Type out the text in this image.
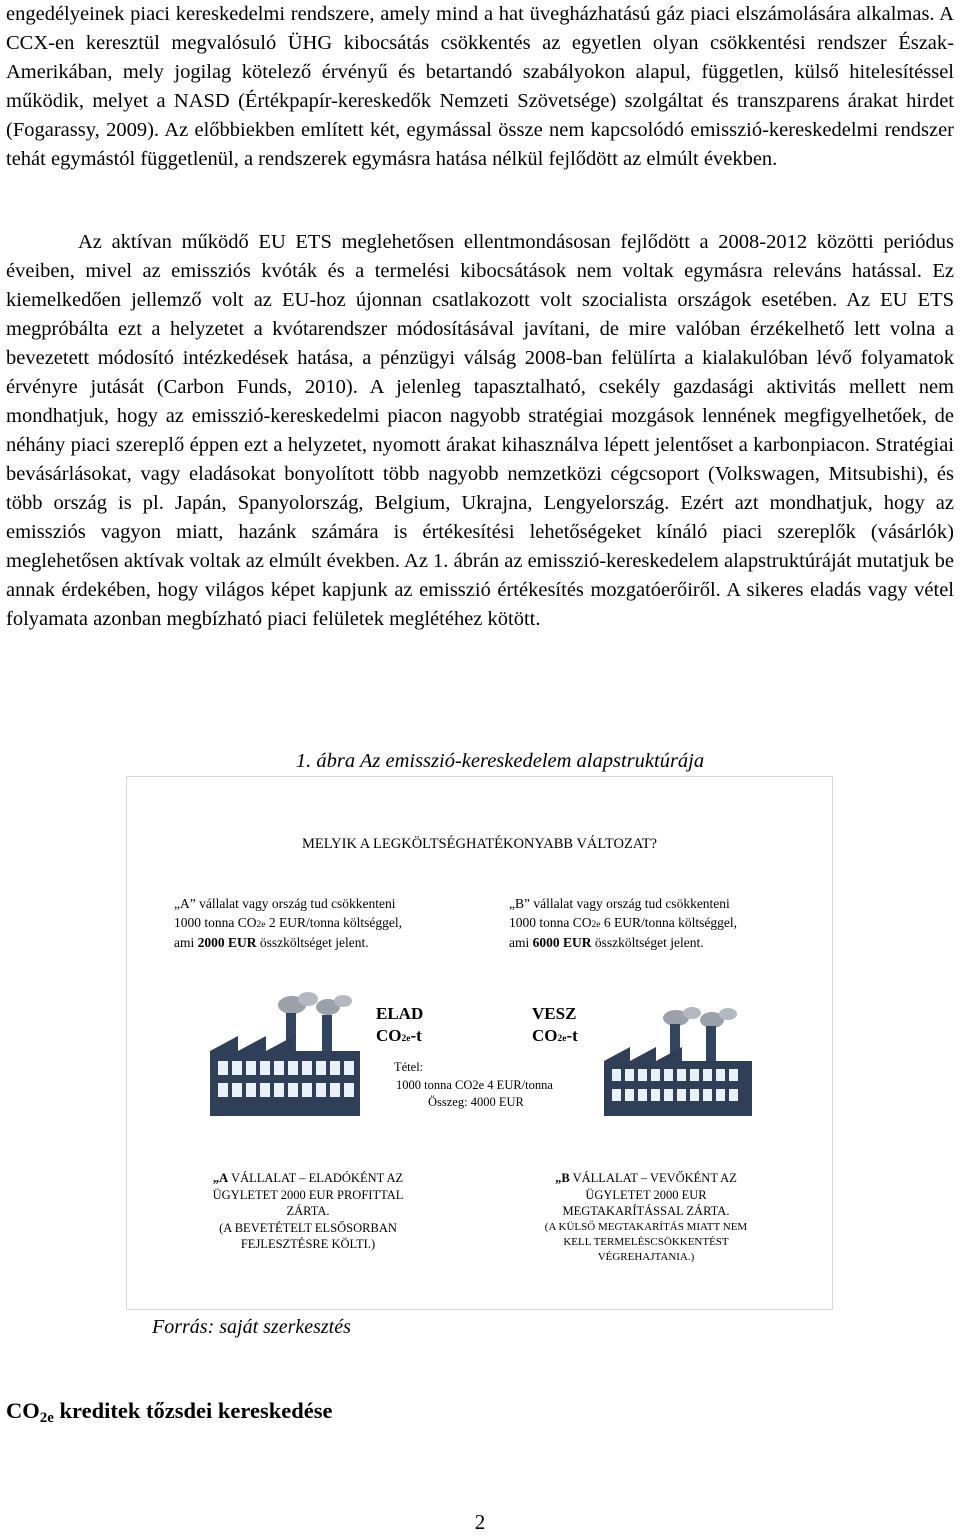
engedélyeinek piaci kereskedelmi rendszere, amely mind a hat üvegházhatású gáz piaci elszámolására alkalmas. A CCX-en keresztül megvalósuló ÜHG kibocsátás csökkentés az egyetlen olyan csökkentési rendszer Észak-Amerikában, mely jogilag kötelező érvényű és betartandó szabályokon alapul, független, külső hitelesítéssel működik, melyet a NASD (Értékpapír-kereskedők Nemzeti Szövetsége) szolgáltat és transzparens árakat hirdet (Fogarassy, 2009). Az előbbiekben említett két, egymással össze nem kapcsolódó emisszió-kereskedelmi rendszer tehát egymástól függetlenül, a rendszerek egymásra hatása nélkül fejlődött az elmúlt években.

Az aktívan működő EU ETS meglehetősen ellentmondásosan fejlődött a 2008-2012 közötti periódus éveiben, mivel az emissziós kvóták és a termelési kibocsátások nem voltak egymásra releváns hatással. Ez kiemelkedően jellemző volt az EU-hoz újonnan csatlakozott volt szocialista országok esetében. Az EU ETS megpróbálta ezt a helyzetet a kvótarendszer módosításával javítani, de mire valóban érzékelhető lett volna a bevezetett módosító intézkedések hatása, a pénzügyi válság 2008-ban felülírta a kialakulóban lévő folyamatok érvényre jutását (Carbon Funds, 2010). A jelenleg tapasztalható, csekély gazdasági aktivitás mellett nem mondhatjuk, hogy az emisszió-kereskedelmi piacon nagyobb stratégiai mozgások lennének megfigyelhetőek, de néhány piaci szereplő éppen ezt a helyzetet, nyomott árakat kihasználva lépett jelentőset a karbonpiacon. Stratégiai bevásárlásokat, vagy eladásokat bonyolított több nagyobb nemzetközi cégcsoport (Volkswagen, Mitsubishi), és több ország is pl. Japán, Spanyolország, Belgium, Ukrajna, Lengyelország. Ezért azt mondhatjuk, hogy az emissziós vagyon miatt, hazánk számára is értékesítési lehetőségeket kínáló piaci szereplők (vásárlók) meglehetősen aktívak voltak az elmúlt években. Az 1. ábrán az emisszió-kereskedelem alapstruktúráját mutatjuk be annak érdekében, hogy világos képet kapjunk az emisszió értékesítés mozgatóerőiről. A sikeres eladás vagy vétel folyamata azonban megbízható piaci felületek meglétéhez kötött.

1. ábra Az emisszió-kereskedelem alapstruktúrája
MELYIK A LEGKÖLTSÉGHATÉKONYABB VÁLTOZAT?
„A” vállalat vagy ország tud csökkenteni
1000 tonna CO2e 2 EUR/tonna költséggel,
ami 2000 EUR összköltséget jelent.
„B” vállalat vagy ország tud csökkenteni
1000 tonna CO2e 6 EUR/tonna költséggel,
ami 6000 EUR összköltséget jelent.
ELAD
CO2e-t
VESZ
CO2e-t
Tétel:
1000 tonna CO2e 4 EUR/tonna
Összeg: 4000 EUR
„A VÁLLALAT – ELADÓKÉNT AZ
ÜGYLETET 2000 EUR PROFITTAL
ZÁRTA.
(A BEVETÉTELT ELSŐSORBAN
FEJLESZTÉSRE KÖLTI.)
„B VÁLLALAT – VEVŐKÉNT AZ
ÜGYLETET 2000 EUR
MEGTAKARÍTÁSSAL ZÁRTA.
(A KÜLSŐ MEGTAKARÍTÁS MIATT NEM
KELL TERMELÉSCSÖKKENTÉST
VÉGREHAJTANIA.)
Forrás: saját szerkesztés
CO2e kreditek tőzsdei kereskedése
2
